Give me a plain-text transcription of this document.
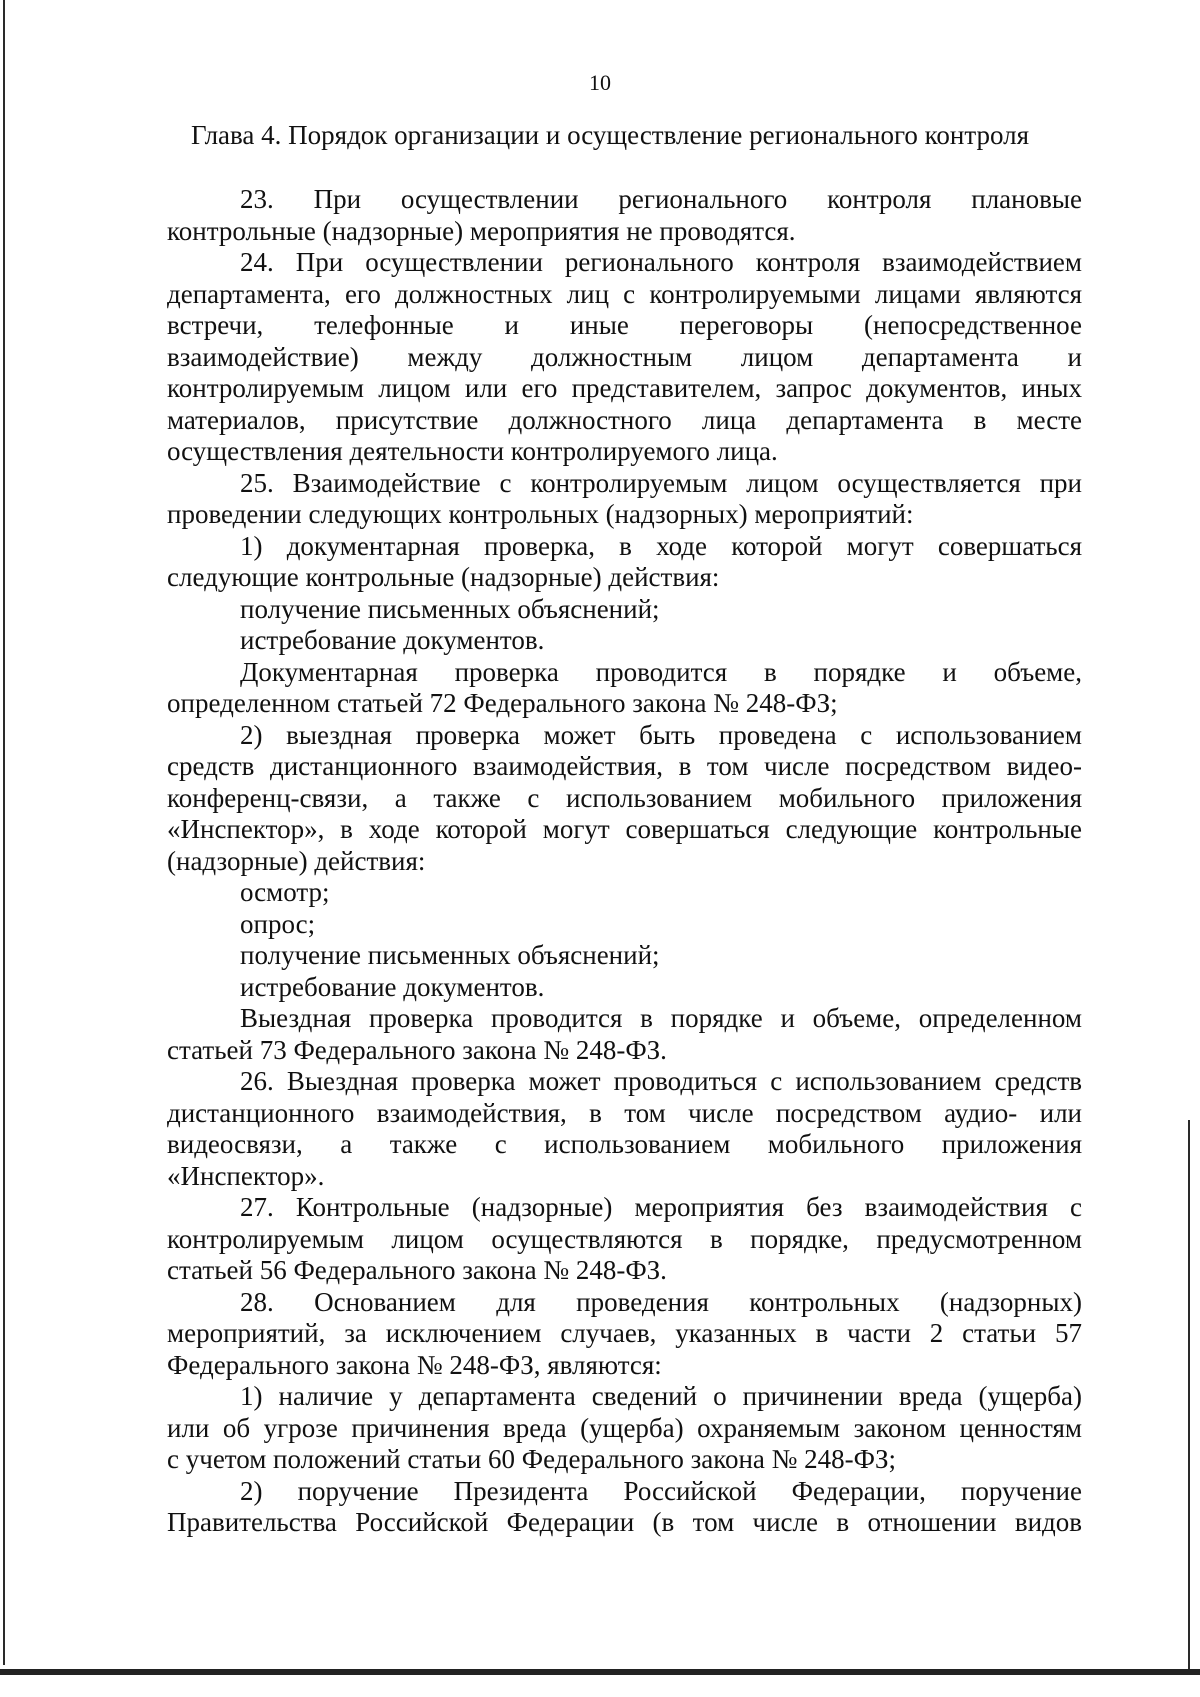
10
Глава 4. Порядок организации и осуществление регионального контроля
23. При осуществлении регионального контроля плановые
контрольные (надзорные) мероприятия не проводятся.
24. При осуществлении регионального контроля взаимодействием
департамента, его должностных лиц с контролируемыми лицами являются
встречи, телефонные и иные переговоры (непосредственное
взаимодействие) между должностным лицом департамента и
контролируемым лицом или его представителем, запрос документов, иных
материалов, присутствие должностного лица департамента в месте
осуществления деятельности контролируемого лица.
25. Взаимодействие с контролируемым лицом осуществляется при
проведении следующих контрольных (надзорных) мероприятий:
1) документарная проверка, в ходе которой могут совершаться
следующие контрольные (надзорные) действия:
получение письменных объяснений;
истребование документов.
Документарная проверка проводится в порядке и объеме,
определенном статьей 72 Федерального закона № 248-ФЗ;
2) выездная проверка может быть проведена с использованием
средств дистанционного взаимодействия, в том числе посредством видео-
конференц-связи, а также с использованием мобильного приложения
«Инспектор», в ходе которой могут совершаться следующие контрольные
(надзорные) действия:
осмотр;
опрос;
получение письменных объяснений;
истребование документов.
Выездная проверка проводится в порядке и объеме, определенном
статьей 73 Федерального закона № 248-ФЗ.
26. Выездная проверка может проводиться с использованием средств
дистанционного взаимодействия, в том числе посредством аудио- или
видеосвязи, а также с использованием мобильного приложения
«Инспектор».
27. Контрольные (надзорные) мероприятия без взаимодействия с
контролируемым лицом осуществляются в порядке, предусмотренном
статьей 56 Федерального закона № 248-ФЗ.
28. Основанием для проведения контрольных (надзорных)
мероприятий, за исключением случаев, указанных в части 2 статьи 57
Федерального закона № 248-ФЗ, являются:
1) наличие у департамента сведений о причинении вреда (ущерба)
или об угрозе причинения вреда (ущерба) охраняемым законом ценностям
с учетом положений статьи 60 Федерального закона № 248-ФЗ;
2) поручение Президента Российской Федерации, поручение
Правительства Российской Федерации (в том числе в отношении видов
